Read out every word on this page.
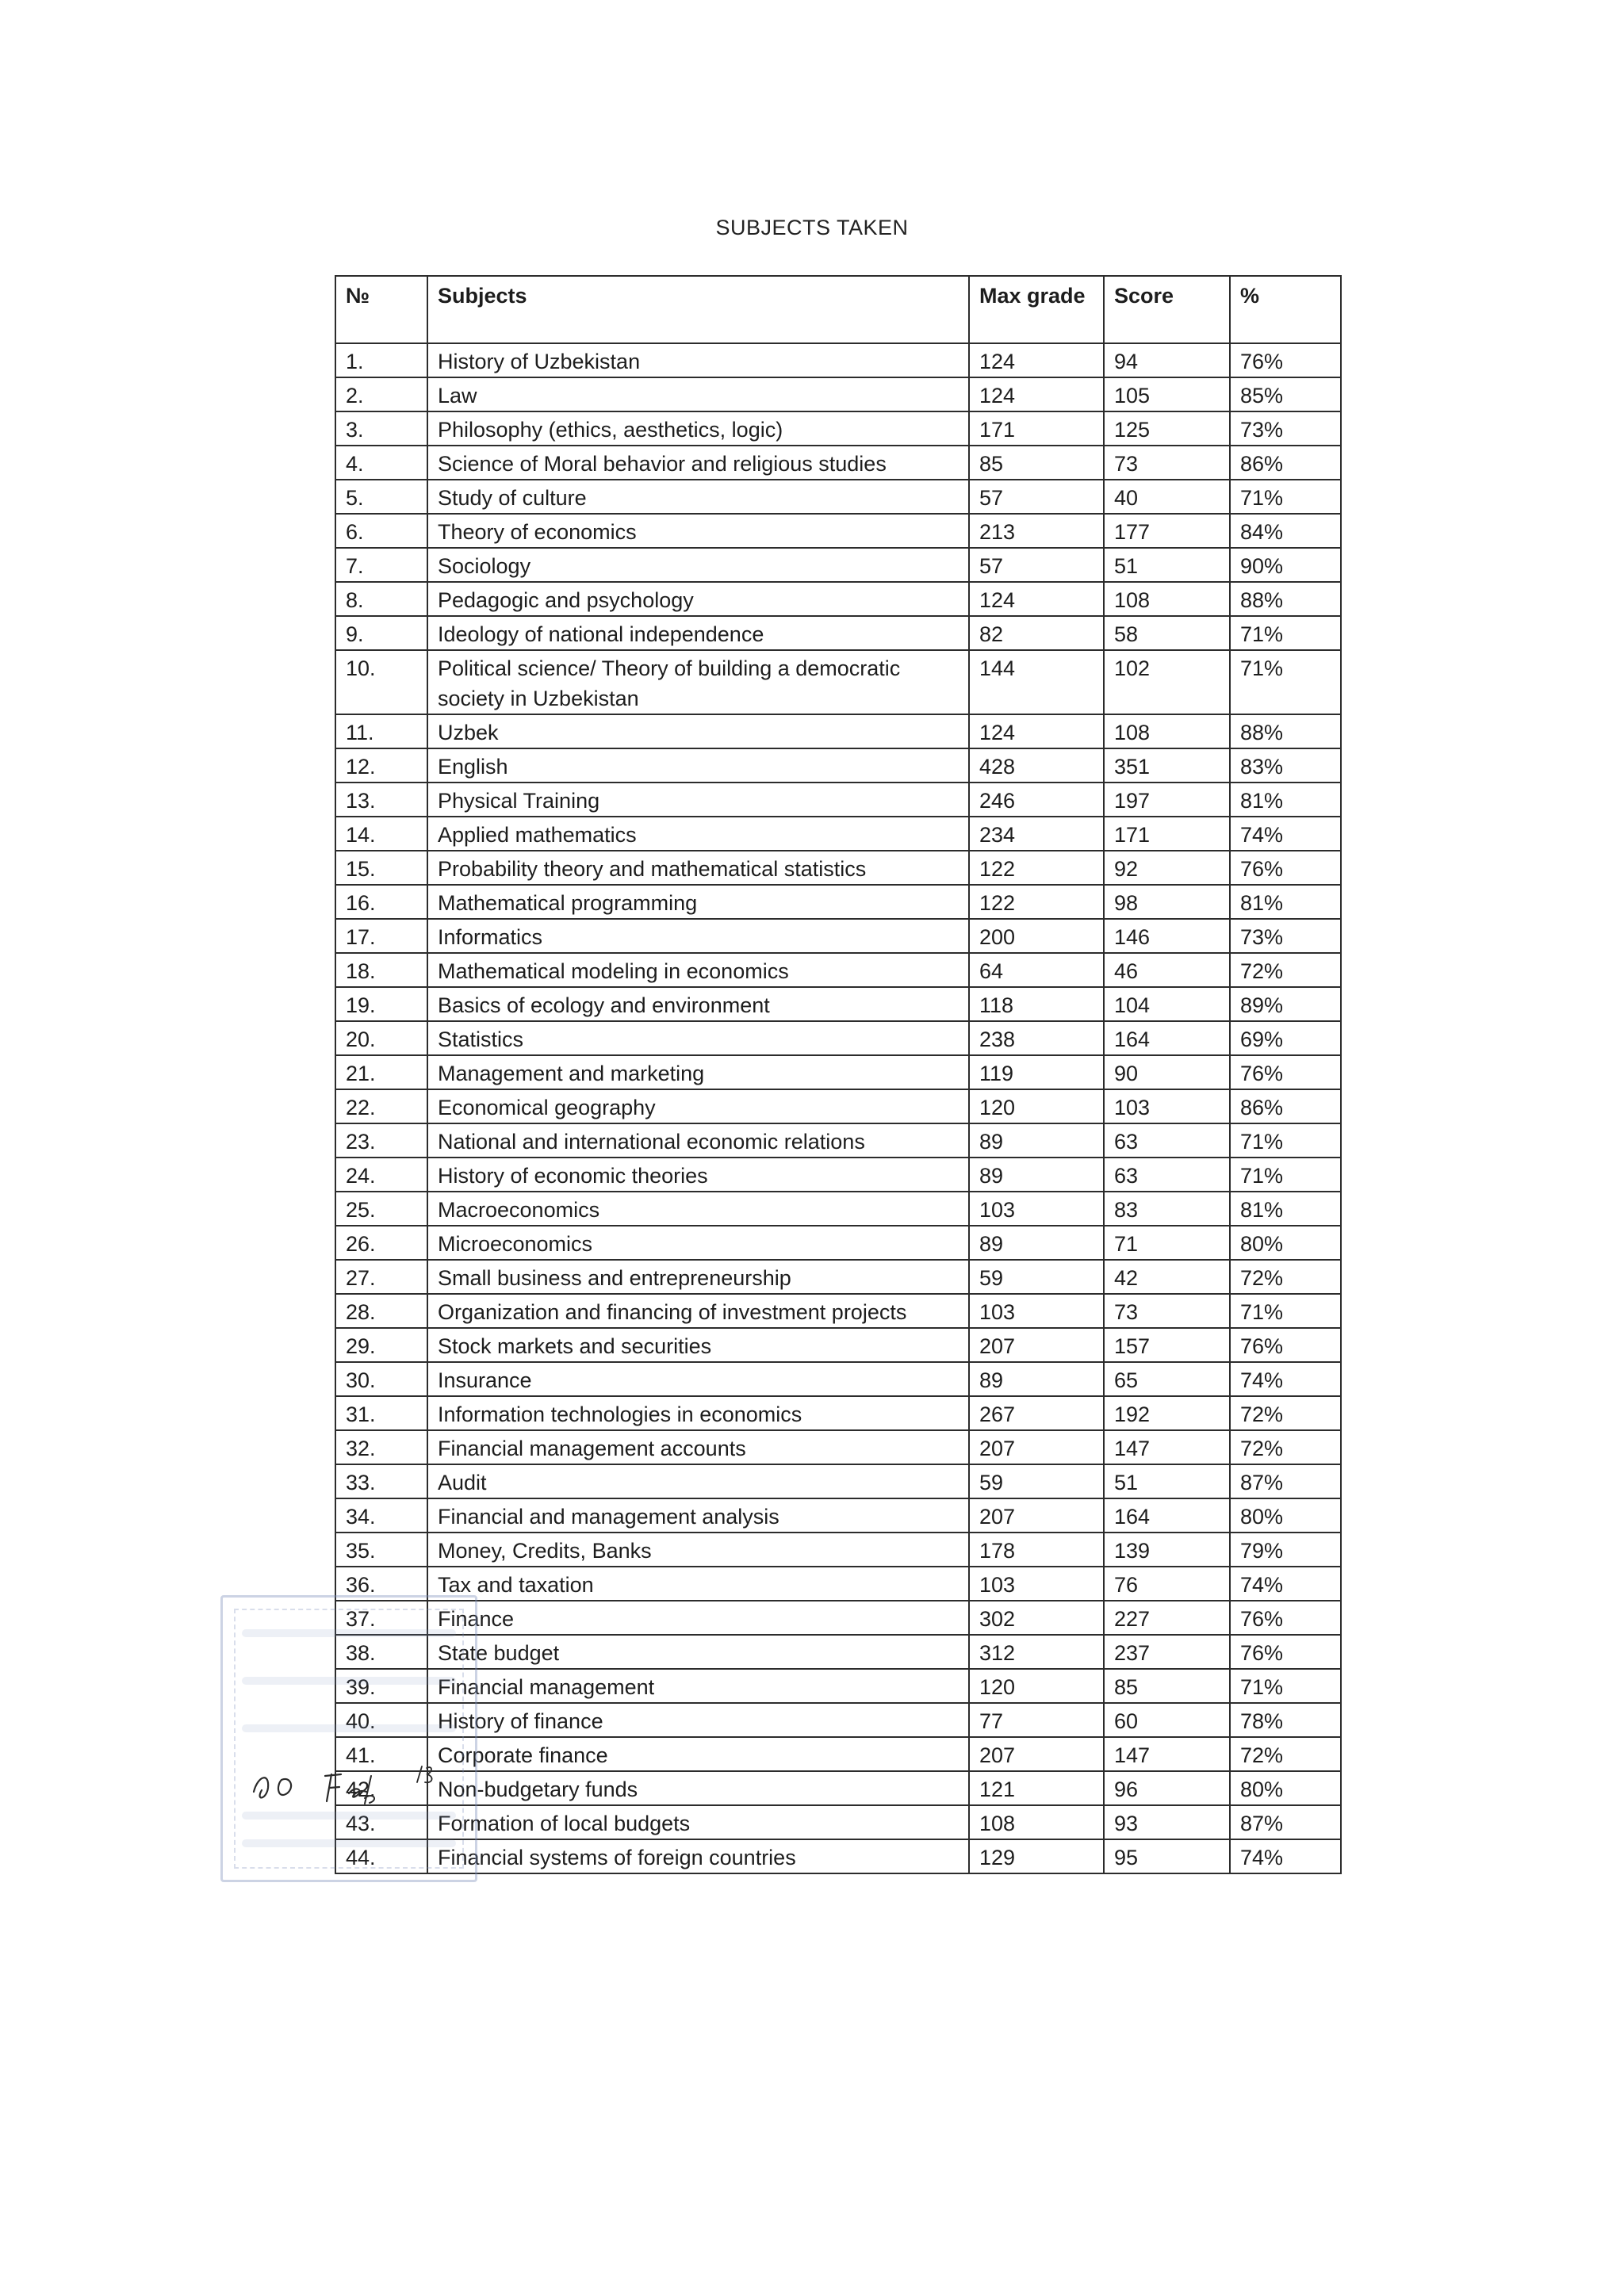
SUBJECTS TAKEN
№	Subjects	Max grade	Score	%
1.	History of Uzbekistan	124	94	76%
2.	Law	124	105	85%
3.	Philosophy (ethics, aesthetics, logic)	171	125	73%
4.	Science of Moral behavior and religious studies	85	73	86%
5.	Study of culture	57	40	71%
6.	Theory of economics	213	177	84%
7.	Sociology	57	51	90%
8.	Pedagogic and psychology	124	108	88%
9.	Ideology of national independence	82	58	71%
10.	Political science/ Theory of building a democratic society in Uzbekistan	144	102	71%
11.	Uzbek	124	108	88%
12.	English	428	351	83%
13.	Physical Training	246	197	81%
14.	Applied mathematics	234	171	74%
15.	Probability theory and mathematical statistics	122	92	76%
16.	Mathematical programming	122	98	81%
17.	Informatics	200	146	73%
18.	Mathematical modeling in economics	64	46	72%
19.	Basics of ecology and environment	118	104	89%
20.	Statistics	238	164	69%
21.	Management and marketing	119	90	76%
22.	Economical geography	120	103	86%
23.	National and international economic relations	89	63	71%
24.	History of economic theories	89	63	71%
25.	Macroeconomics	103	83	81%
26.	Microeconomics	89	71	80%
27.	Small business and entrepreneurship	59	42	72%
28.	Organization and financing of investment projects	103	73	71%
29.	Stock markets and securities	207	157	76%
30.	Insurance	89	65	74%
31.	Information technologies in economics	267	192	72%
32.	Financial management accounts	207	147	72%
33.	Audit	59	51	87%
34.	Financial and management analysis	207	164	80%
35.	Money, Credits, Banks	178	139	79%
36.	Tax and taxation	103	76	74%
37.	Finance	302	227	76%
38.	State budget	312	237	76%
39.	Financial management	120	85	71%
40.	History of finance	77	60	78%
41.	Corporate finance	207	147	72%
42.	Non-budgetary funds	121	96	80%
43.	Formation of local budgets	108	93	87%
44.	Financial systems of foreign countries	129	95	74%
